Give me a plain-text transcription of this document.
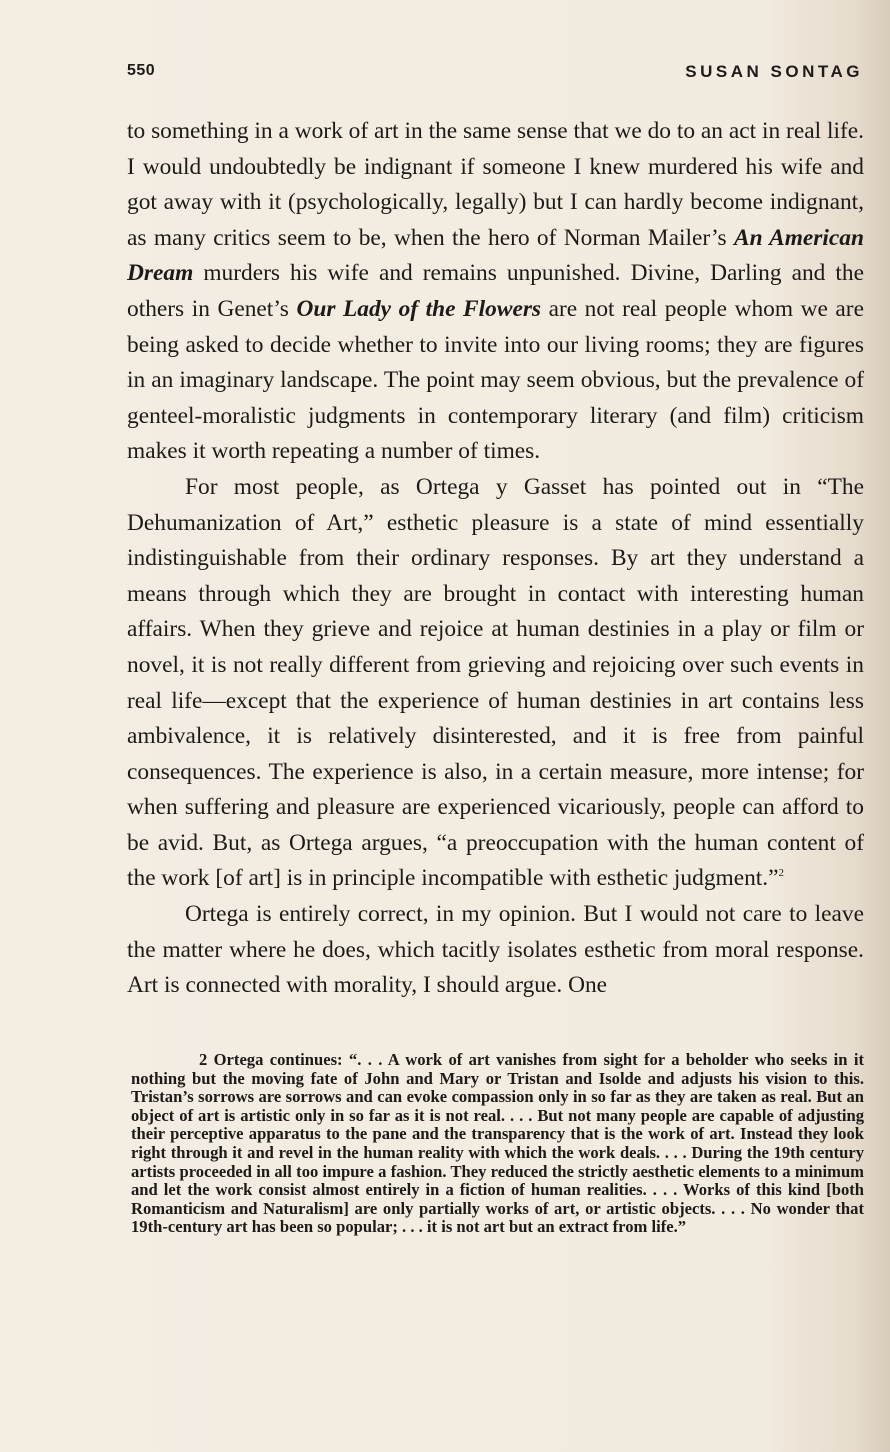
550	SUSAN SONTAG

to something in a work of art in the same sense that we do to an act in real life. I would undoubtedly be indignant if someone I knew murdered his wife and got away with it (psychologically, legally) but I can hardly become indignant, as many critics seem to be, when the hero of Norman Mailer’s An American Dream murders his wife and remains unpunished. Divine, Darling and the others in Genet’s Our Lady of the Flowers are not real people whom we are being asked to decide whether to invite into our living rooms; they are figures in an imaginary landscape. The point may seem obvious, but the prevalence of genteel-moralistic judgments in contemporary literary (and film) criticism makes it worth repeating a number of times.

For most people, as Ortega y Gasset has pointed out in “The Dehumanization of Art,” esthetic pleasure is a state of mind essentially indistinguishable from their ordinary responses. By art they understand a means through which they are brought in contact with interesting human affairs. When they grieve and rejoice at human destinies in a play or film or novel, it is not really different from grieving and rejoicing over such events in real life—except that the experience of human destinies in art contains less ambivalence, it is relatively disinterested, and it is free from painful consequences. The experience is also, in a certain measure, more intense; for when suffering and pleasure are experienced vicariously, people can afford to be avid. But, as Ortega argues, “a preoccupation with the human content of the work [of art] is in principle incompatible with esthetic judgment.”$^2$

Ortega is entirely correct, in my opinion. But I would not care to leave the matter where he does, which tacitly isolates esthetic from moral response. Art is connected with morality, I should argue. One

2 Ortega continues: “. . . A work of art vanishes from sight for a beholder who seeks in it nothing but the moving fate of John and Mary or Tristan and Isolde and adjusts his vision to this. Tristan’s sorrows are sorrows and can evoke compassion only in so far as they are taken as real. But an object of art is artistic only in so far as it is not real. . . . But not many people are capable of adjusting their perceptive apparatus to the pane and the transparency that is the work of art. Instead they look right through it and revel in the human reality with which the work deals. . . . During the 19th century artists proceeded in all too impure a fashion. They reduced the strictly aesthetic elements to a minimum and let the work consist almost entirely in a fiction of human realities. . . . Works of this kind [both Romanticism and Naturalism] are only partially works of art, or artistic objects. . . . No wonder that 19th-century art has been so popular; . . . it is not art but an extract from life.”
